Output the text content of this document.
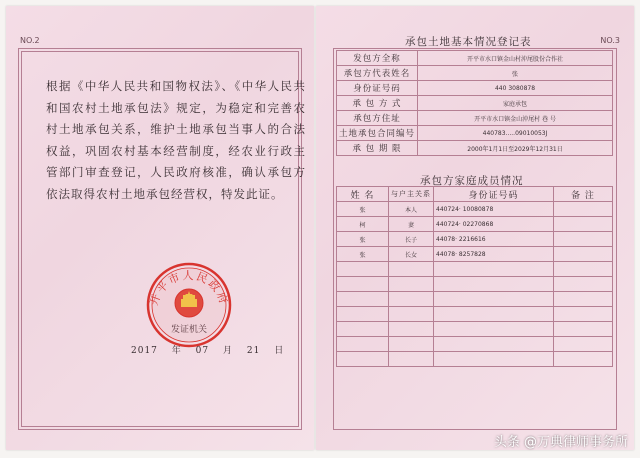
NO.2
根据《中华人民共和国物权法》、《中华人民共和国农村土地承包法》规定，为稳定和完善农村土地承包关系，维护土地承包当事人的合法权益，巩固农村基本经营制度，经农业行政主管部门审查登记，人民政府核准，确认承包方依法取得农村土地承包经营权，特发此证。
开平市人民政府
发证机关
2017 年 07 月 21 日
NO.3
承包土地基本情况登记表
发包方全称	开平市水口镇金山村沖尾股份合作社
承包方代表姓名	张
身份证号码	440 3080878
承 包 方 式	家庭承包
承包方住址	开平市水口镇金山沖尾村 巷 号
土地承包合同编号	440783.....09010053J
承 包 期 限	2000年1月1日至2029年12月31日
承包方家庭成员情况
姓 名	与户主关系	身份证号码	备 注
张	本人	440724· 10080878	
柯	妻	440724· 02270868	
张	长子	44078· 2216616	
张	长女	44078· 8257828	

头条 @万典律师事务所
